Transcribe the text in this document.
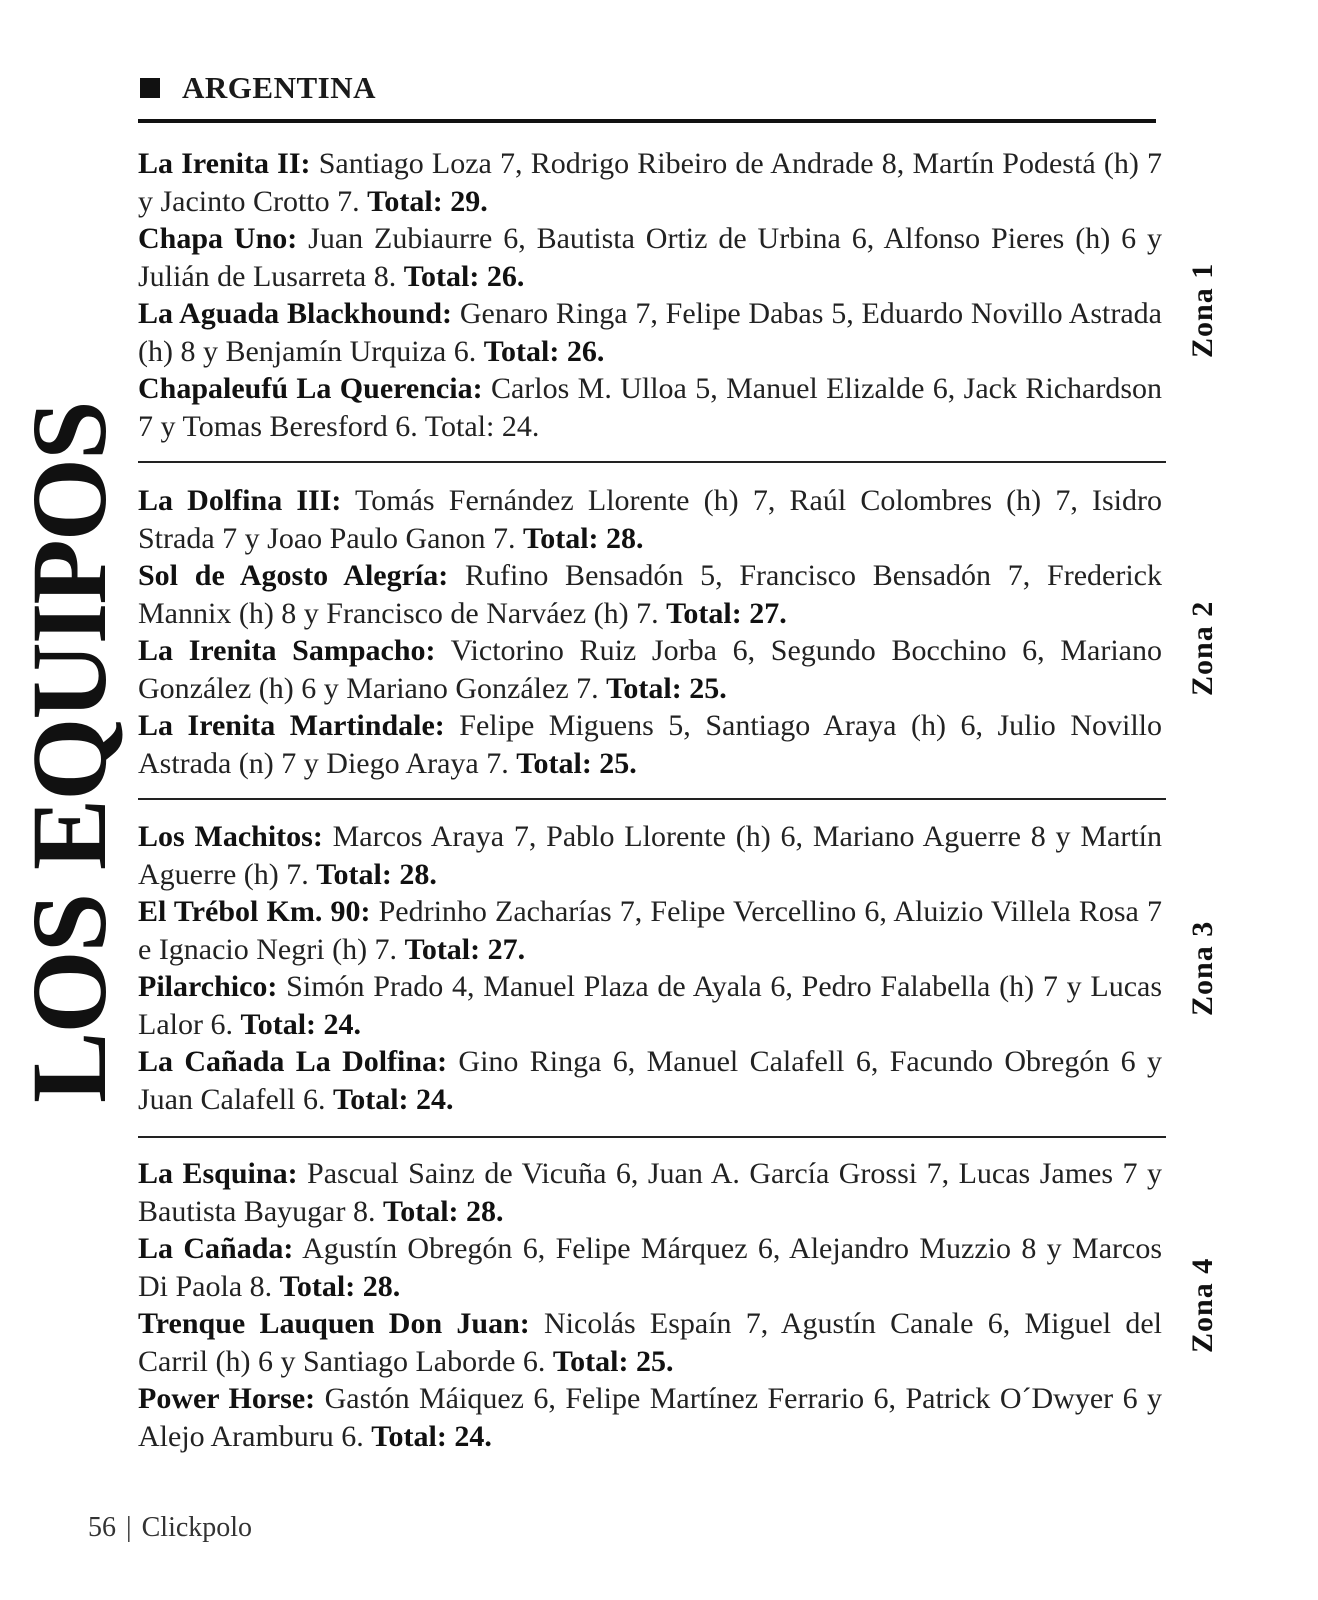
ARGENTINA
LOS EQUIPOS

La Irenita II: Santiago Loza 7, Rodrigo Ribeiro de Andrade 8, Martín Podestá (h) 7 y Jacinto Crotto 7. Total: 29.

Chapa Uno: Juan Zubiaurre 6, Bautista Ortiz de Urbina 6, Alfonso Pieres (h) 6 y Julián de Lusarreta 8. Total: 26.

La Aguada Blackhound: Genaro Ringa 7, Felipe Dabas 5, Eduardo Novillo Astrada (h) 8 y Benjamín Urquiza 6. Total: 26.

Chapaleufú La Querencia: Carlos M. Ulloa 5, Manuel Elizalde 6, Jack Richardson 7 y Tomas Beresford 6. Total: 24.

Zona 1

La Dolfina III: Tomás Fernández Llorente (h) 7, Raúl Colombres (h) 7, Isidro Strada 7 y Joao Paulo Ganon 7. Total: 28.

Sol de Agosto Alegría: Rufino Bensadón 5, Francisco Bensadón 7, Frederick Mannix (h) 8 y Francisco de Narváez (h) 7. Total: 27.

La Irenita Sampacho: Victorino Ruiz Jorba 6, Segundo Bocchino 6, Mariano González (h) 6 y Mariano González 7. Total: 25.

La Irenita Martindale: Felipe Miguens 5, Santiago Araya (h) 6, Julio Novillo Astrada (n) 7 y Diego Araya 7. Total: 25.

Zona 2

Los Machitos: Marcos Araya 7, Pablo Llorente (h) 6, Mariano Aguerre 8 y Martín Aguerre (h) 7. Total: 28.

El Trébol Km. 90: Pedrinho Zacharías 7, Felipe Vercellino 6, Aluizio Villela Rosa 7 e Ignacio Negri (h) 7. Total: 27.

Pilarchico: Simón Prado 4, Manuel Plaza de Ayala 6, Pedro Falabella (h) 7 y Lucas Lalor 6. Total: 24.

La Cañada La Dolfina: Gino Ringa 6, Manuel Calafell 6, Facundo Obregón 6 y Juan Calafell 6. Total: 24.

Zona 3

La Esquina: Pascual Sainz de Vicuña 6, Juan A. García Grossi 7, Lucas James 7 y Bautista Bayugar 8. Total: 28.

La Cañada: Agustín Obregón 6, Felipe Márquez 6, Alejandro Muzzio 8 y Marcos Di Paola 8. Total: 28.

Trenque Lauquen Don Juan: Nicolás Espaín 7, Agustín Canale 6, Miguel del Carril (h) 6 y Santiago Laborde 6. Total: 25.

Power Horse: Gastón Máiquez 6, Felipe Martínez Ferrario 6, Patrick O´Dwyer 6 y Alejo Aramburu 6. Total: 24.

Zona 4
56 | Clickpolo
